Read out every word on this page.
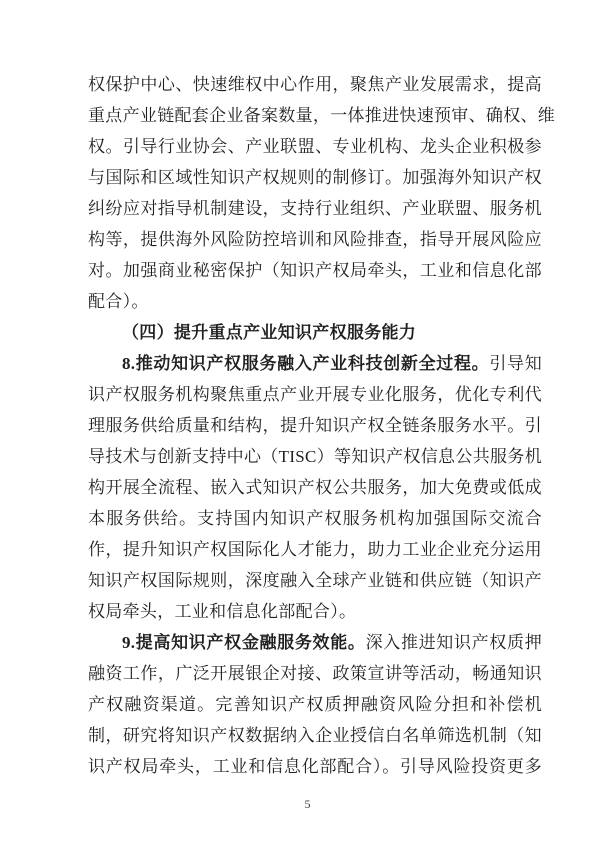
权保护中心、快速维权中心作用，聚焦产业发展需求，提高
重点产业链配套企业备案数量，一体推进快速预审、确权、维
权。引导行业协会、产业联盟、专业机构、龙头企业积极参
与国际和区域性知识产权规则的制修订。加强海外知识产权
纠纷应对指导机制建设，支持行业组织、产业联盟、服务机
构等，提供海外风险防控培训和风险排查，指导开展风险应
对。加强商业秘密保护（知识产权局牵头，工业和信息化部
配合）。
（四）提升重点产业知识产权服务能力
8.推动知识产权服务融入产业科技创新全过程。引导知
识产权服务机构聚焦重点产业开展专业化服务，优化专利代
理服务供给质量和结构，提升知识产权全链条服务水平。引
导技术与创新支持中心（TISC）等知识产权信息公共服务机
构开展全流程、嵌入式知识产权公共服务，加大免费或低成
本服务供给。支持国内知识产权服务机构加强国际交流合
作，提升知识产权国际化人才能力，助力工业企业充分运用
知识产权国际规则，深度融入全球产业链和供应链（知识产
权局牵头，工业和信息化部配合）。
9.提高知识产权金融服务效能。深入推进知识产权质押
融资工作，广泛开展银企对接、政策宣讲等活动，畅通知识
产权融资渠道。完善知识产权质押融资风险分担和补偿机
制，研究将知识产权数据纳入企业授信白名单筛选机制（知
识产权局牵头，工业和信息化部配合）。引导风险投资更多
5
